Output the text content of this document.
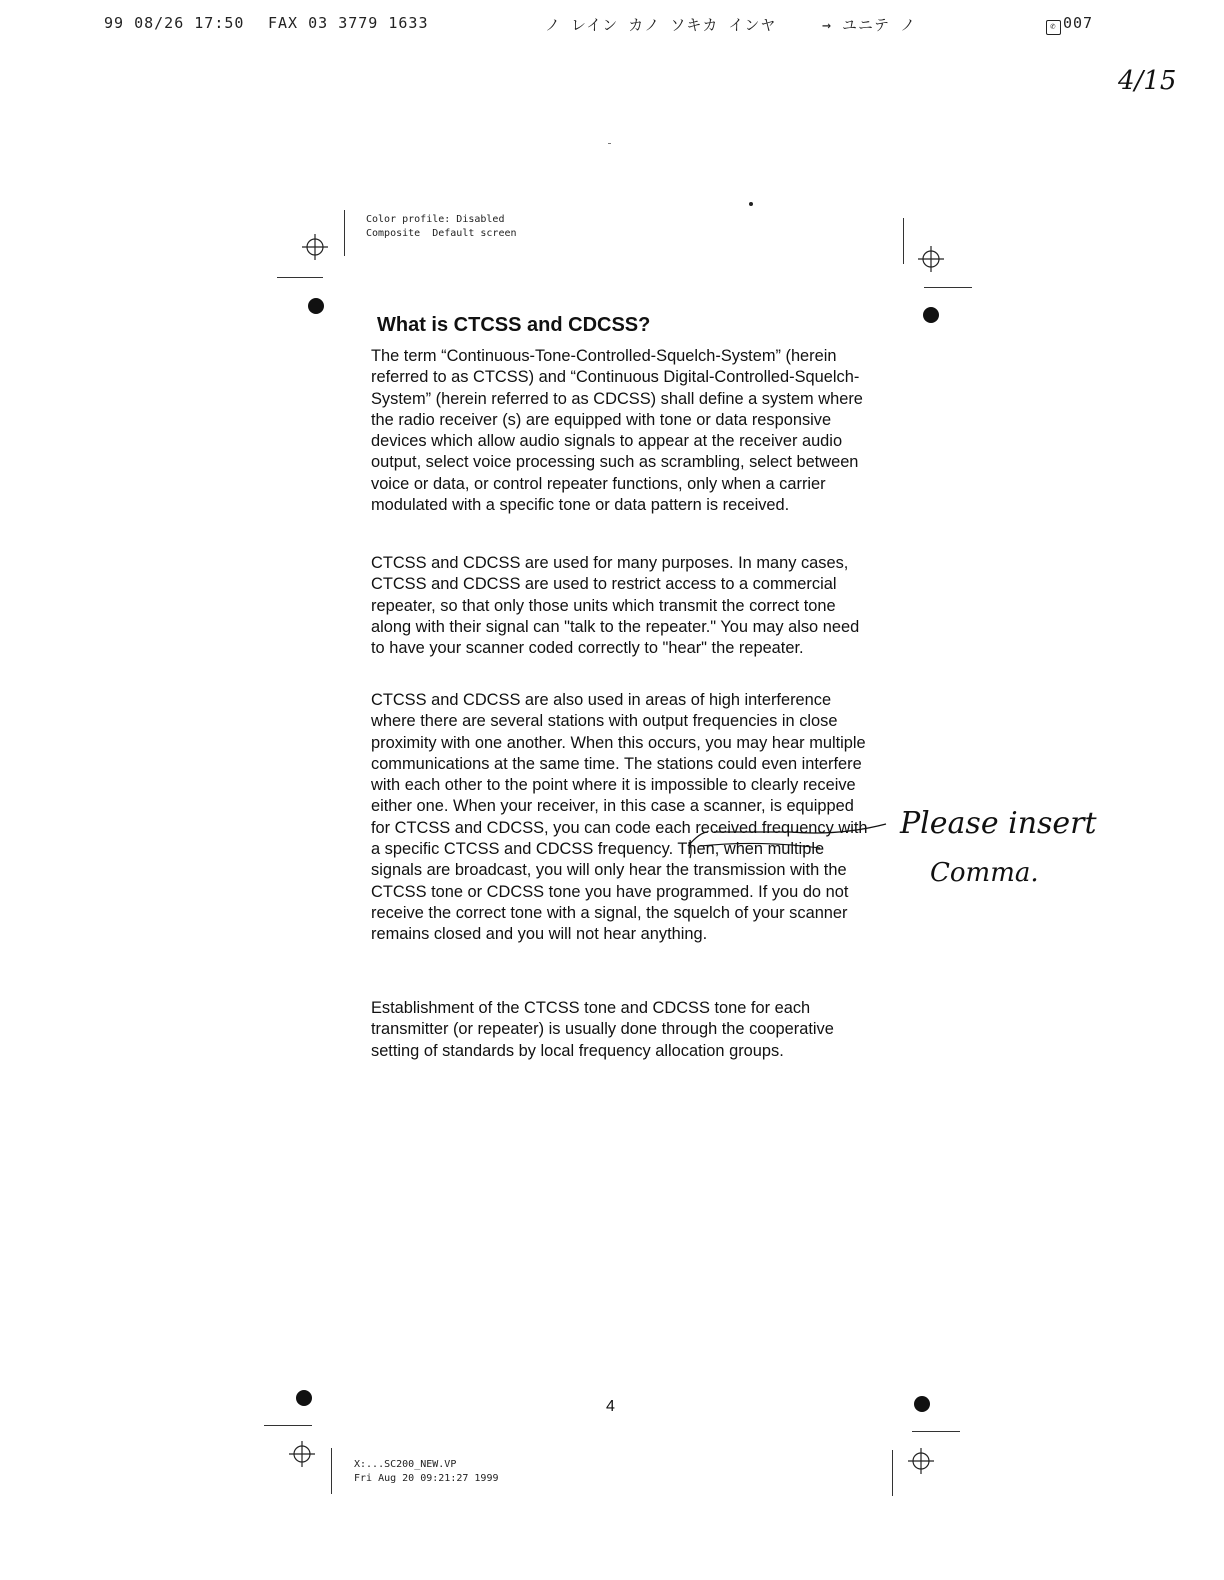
99 08/26 17:50 FAX 03 3779 1633	ノ レイン カノ ソキカ インヤ	→ ユニテ ノ	✆ 007
4/15
Color profile: Disabled
Composite  Default screen
What is CTCSS and CDCSS?

The term “Continuous-Tone-Controlled-Squelch-System” (herein referred to as CTCSS) and “Continuous Digital-Controlled-Squelch-System” (herein referred to as CDCSS) shall define a system where the radio receiver (s) are equipped with tone or data responsive devices which allow audio signals to appear at the receiver audio output, select voice processing such as scrambling, select between voice or data, or control repeater functions, only when a carrier modulated with a specific tone or data pattern is received.

CTCSS and CDCSS are used for many purposes. In many cases, CTCSS and CDCSS are used to restrict access to a commercial repeater, so that only those units which transmit the correct tone along with their signal can "talk to the repeater." You may also need to have your scanner coded correctly to "hear" the repeater.

CTCSS and CDCSS are also used in areas of high interference where there are several stations with output frequencies in close proximity with one another. When this occurs, you may hear multiple communications at the same time. The stations could even interfere with each other to the point where it is impossible to clearly receive either one. When your receiver, in this case a scanner, is equipped for CTCSS and CDCSS, you can code each received frequency with a specific CTCSS and CDCSS frequency. Then, when multiple signals are broadcast, you will only hear the transmission with the CTCSS tone or CDCSS tone you have programmed. If you do not receive the correct tone with a signal, the squelch of your scanner remains closed and you will not hear anything.

Establishment of the CTCSS tone and CDCSS tone for each transmitter (or repeater) is usually done through the cooperative setting of standards by local frequency allocation groups.

Please insert
Comma.
4
X:...SC200_NEW.VP
Fri Aug 20 09:21:27 1999
